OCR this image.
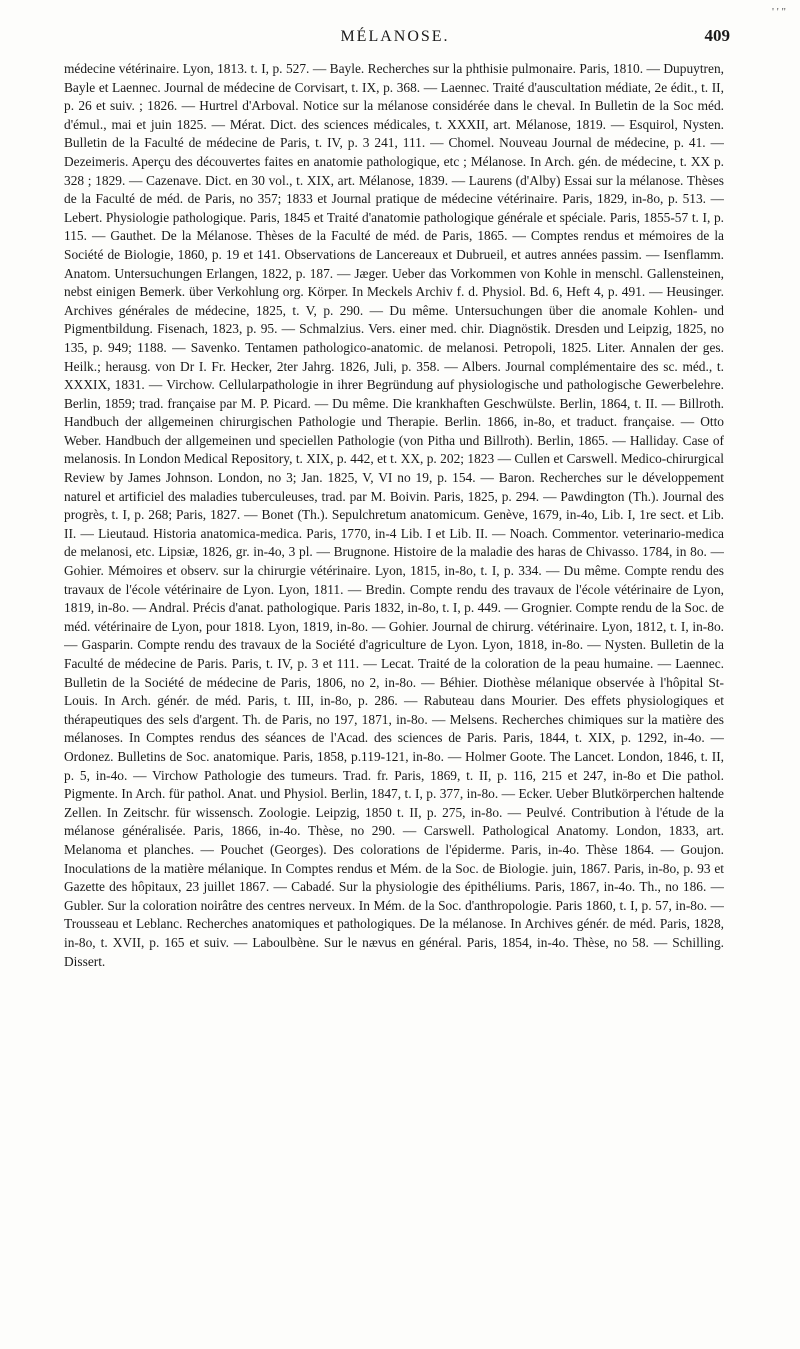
MÉLANOSE.	409
' ' "

médecine vétérinaire. Lyon, 1813. t. I, p. 527. — Bayle. Recherches sur la phthisie pulmonaire. Paris, 1810. — Dupuytren, Bayle et Laennec. Journal de médecine de Corvisart, t. IX, p. 368. — Laennec. Traité d'auscultation médiate, 2e édit., t. II, p. 26 et suiv. ; 1826. — Hurtrel d'Arboval. Notice sur la mélanose considérée dans le cheval. In Bulletin de la Soc méd. d'émul., mai et juin 1825. — Mérat. Dict. des sciences médicales, t. XXXII, art. Mélanose, 1819. — Esquirol, Nysten. Bulletin de la Faculté de médecine de Paris, t. IV, p. 3 241, 111. — Chomel. Nouveau Journal de médecine, p. 41. — Dezeimeris. Aperçu des découvertes faites en anatomie pathologique, etc ; Mélanose. In Arch. gén. de médecine, t. XX p. 328 ; 1829. — Cazenave. Dict. en 30 vol., t. XIX, art. Mélanose, 1839. — Laurens (d'Alby) Essai sur la mélanose. Thèses de la Faculté de méd. de Paris, no 357; 1833 et Journal pratique de médecine vétérinaire. Paris, 1829, in-8o, p. 513. — Lebert. Physiologie pathologique. Paris, 1845 et Traité d'anatomie pathologique générale et spéciale. Paris, 1855-57 t. I, p. 115. — Gauthet. De la Mélanose. Thèses de la Faculté de méd. de Paris, 1865. — Comptes rendus et mémoires de la Société de Biologie, 1860, p. 19 et 141. Observations de Lancereaux et Dubrueil, et autres années passim. — Isenflamm. Anatom. Untersuchungen Erlangen, 1822, p. 187. — Jæger. Ueber das Vorkommen von Kohle in menschl. Gallensteinen, nebst einigen Bemerk. über Verkohlung org. Körper. In Meckels Archiv f. d. Physiol. Bd. 6, Heft 4, p. 491. — Heusinger. Archives générales de médecine, 1825, t. V, p. 290. — Du même. Untersuchungen über die anomale Kohlen- und Pigmentbildung. Fisenach, 1823, p. 95. — Schmalzius. Vers. einer med. chir. Diagnöstik. Dresden und Leipzig, 1825, no 135, p. 949; 1188. — Savenko. Tentamen pathologico-anatomic. de melanosi. Petropoli, 1825. Liter. Annalen der ges. Heilk.; herausg. von Dr I. Fr. Hecker, 2ter Jahrg. 1826, Juli, p. 358. — Albers. Journal complémentaire des sc. méd., t. XXXIX, 1831. — Virchow. Cellularpathologie in ihrer Begründung auf physiologische und pathologische Gewerbelehre. Berlin, 1859; trad. française par M. P. Picard. — Du même. Die krankhaften Geschwülste. Berlin, 1864, t. II. — Billroth. Handbuch der allgemeinen chirurgischen Pathologie und Therapie. Berlin. 1866, in-8o, et traduct. française. — Otto Weber. Handbuch der allgemeinen und speciellen Pathologie (von Pitha und Billroth). Berlin, 1865. — Halliday. Case of melanosis. In London Medical Repository, t. XIX, p. 442, et t. XX, p. 202; 1823 — Cullen et Carswell. Medico-chirurgical Review by James Johnson. London, no 3; Jan. 1825, V, VI no 19, p. 154. — Baron. Recherches sur le développement naturel et artificiel des maladies tuberculeuses, trad. par M. Boivin. Paris, 1825, p. 294. — Pawdington (Th.). Journal des progrès, t. I, p. 268; Paris, 1827. — Bonet (Th.). Sepulchretum anatomicum. Genève, 1679, in-4o, Lib. I, 1re sect. et Lib. II. — Lieutaud. Historia anatomica-medica. Paris, 1770, in-4 Lib. I et Lib. II. — Noach. Commentor. veterinario-medica de melanosi, etc. Lipsiæ, 1826, gr. in-4o, 3 pl. — Brugnone. Histoire de la maladie des haras de Chivasso. 1784, in 8o. — Gohier. Mémoires et observ. sur la chirurgie vétérinaire. Lyon, 1815, in-8o, t. I, p. 334. — Du même. Compte rendu des travaux de l'école vétérinaire de Lyon. Lyon, 1811. — Bredin. Compte rendu des travaux de l'école vétérinaire de Lyon, 1819, in-8o. — Andral. Précis d'anat. pathologique. Paris 1832, in-8o, t. I, p. 449. — Grognier. Compte rendu de la Soc. de méd. vétérinaire de Lyon, pour 1818. Lyon, 1819, in-8o. — Gohier. Journal de chirurg. vétérinaire. Lyon, 1812, t. I, in-8o. — Gasparin. Compte rendu des travaux de la Société d'agriculture de Lyon. Lyon, 1818, in-8o. — Nysten. Bulletin de la Faculté de médecine de Paris. Paris, t. IV, p. 3 et 111. — Lecat. Traité de la coloration de la peau humaine. — Laennec. Bulletin de la Société de médecine de Paris, 1806, no 2, in-8o. — Béhier. Diothèse mélanique observée à l'hôpital St-Louis. In Arch. génér. de méd. Paris, t. III, in-8o, p. 286. — Rabuteau dans Mourier. Des effets physiologiques et thérapeutiques des sels d'argent. Th. de Paris, no 197, 1871, in-8o. — Melsens. Recherches chimiques sur la matière des mélanoses. In Comptes rendus des séances de l'Acad. des sciences de Paris. Paris, 1844, t. XIX, p. 1292, in-4o. — Ordonez. Bulletins de Soc. anatomique. Paris, 1858, p.119-121, in-8o. — Holmer Goote. The Lancet. London, 1846, t. II, p. 5, in-4o. — Virchow Pathologie des tumeurs. Trad. fr. Paris, 1869, t. II, p. 116, 215 et 247, in-8o et Die pathol. Pigmente. In Arch. für pathol. Anat. und Physiol. Berlin, 1847, t. I, p. 377, in-8o. — Ecker. Ueber Blutkörperchen haltende Zellen. In Zeitschr. für wissensch. Zoologie. Leipzig, 1850 t. II, p. 275, in-8o. — Peulvé. Contribution à l'étude de la mélanose généralisée. Paris, 1866, in-4o. Thèse, no 290. — Carswell. Pathological Anatomy. London, 1833, art. Melanoma et planches. — Pouchet (Georges). Des colorations de l'épiderme. Paris, in-4o. Thèse 1864. — Goujon. Inoculations de la matière mélanique. In Comptes rendus et Mém. de la Soc. de Biologie. juin, 1867. Paris, in-8o, p. 93 et Gazette des hôpitaux, 23 juillet 1867. — Cabadé. Sur la physiologie des épithéliums. Paris, 1867, in-4o. Th., no 186. — Gubler. Sur la coloration noirâtre des centres nerveux. In Mém. de la Soc. d'anthropologie. Paris 1860, t. I, p. 57, in-8o. — Trousseau et Leblanc. Recherches anatomiques et pathologiques. De la mélanose. In Archives génér. de méd. Paris, 1828, in-8o, t. XVII, p. 165 et suiv. — Laboulbène. Sur le nævus en général. Paris, 1854, in-4o. Thèse, no 58. — Schilling. Dissert.
